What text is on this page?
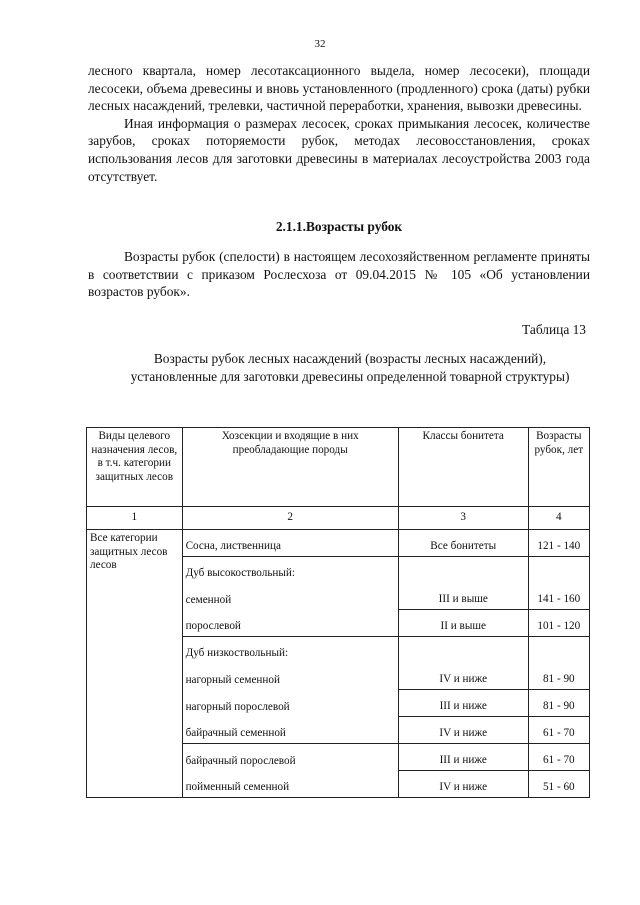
32

лесного квартала, номер лесотаксационного выдела, номер лесосеки), площади лесосеки, объема древесины и вновь установленного (продленного) срока (даты) рубки лесных насаждений, трелевки, частичной переработки, хранения, вывозки древесины.

Иная информация о размерах лесосек, сроках примыкания лесосек, количестве зарубов, сроках потоpяемости рубок, методах лесовосстановления, сроках использования лесов для заготовки древесины в материалах лесоустройства 2003 года отсутствует.

2.1.1.Возрасты рубок

Возрасты рубок (спелости) в настоящем лесохозяйственном регламенте приняты в соответствии с приказом Рослесхоза от 09.04.2015 № 105 «Об установлении возрастов рубок».

Таблица 13
Возрасты рубок лесных насаждений (возрасты лесных насаждений), установленные для заготовки древесины определенной товарной структуры)
Виды целевого назначения лесов, в т.ч. категории защитных лесов	Хозсекции и входящие в них преобладающие породы	Классы бонитета	Возрасты рубок, лет
1	2	3	4
Все категории защитных лесов лесов	Сосна, лиственница	Все бонитеты	121 - 140
	Дуб высокоствольный:		
	семенной	III и выше	141 - 160
	порослевой	II и выше	101 - 120
	Дуб низкоствольный:		
	нагорный семенной	IV и ниже	81 - 90
	нагорный порослевой	III и ниже	81 - 90
	байрачный семенной	IV и ниже	61 - 70
	байрачный порослевой	III и ниже	61 - 70
	пойменный семенной	IV и ниже	51 - 60
